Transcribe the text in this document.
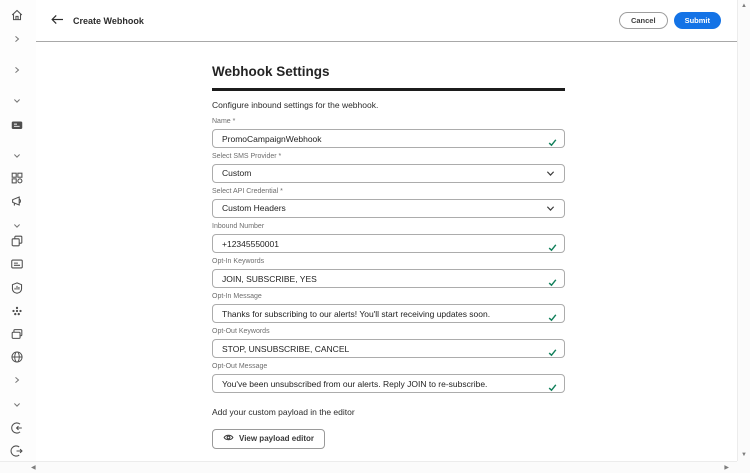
Create Webhook	Cancel	Submit
Webhook Settings
Configure inbound settings for the webhook.
Name *
PromoCampaignWebhook
Select SMS Provider *
Custom
Select API Credential *
Custom Headers
Inbound Number
+12345550001
Opt-In Keywords
JOIN, SUBSCRIBE, YES
Opt-In Message
Thanks for subscribing to our alerts! You'll start receiving updates soon.
Opt-Out Keywords
STOP, UNSUBSCRIBE, CANCEL
Opt-Out Message
You've been unsubscribed from our alerts. Reply JOIN to re-subscribe.
Add your custom payload in the editor
View payload editor
▲
▼
◀	▶
